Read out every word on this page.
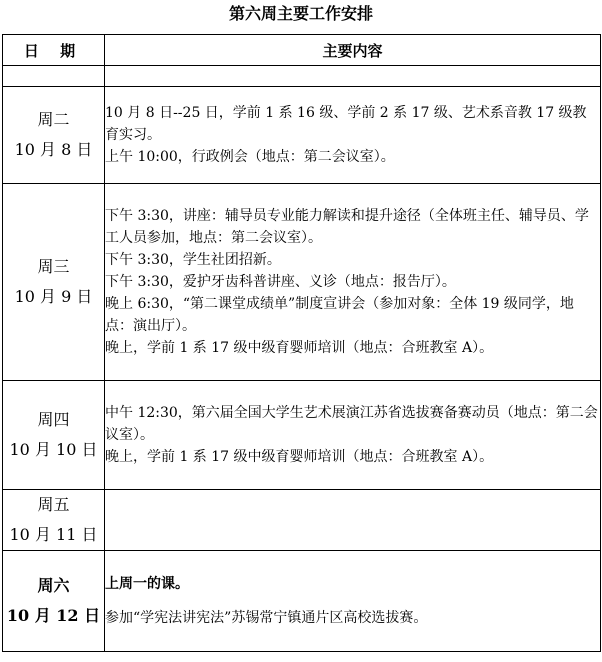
第六周主要工作安排
日 期	主要内容

周二
10 月 8 日	10 月 8 日--25 日，学前 1 系 16 级、学前 2 系 17 级、艺术系音教 17 级教育实习。
上午 10:00，行政例会（地点：第二会议室）。

周三
10 月 9 日	下午 3:30，讲座：辅导员专业能力解读和提升途径（全体班主任、辅导员、学工人员参加，地点：第二会议室）。
下午 3:30，学生社团招新。
下午 3:30，爱护牙齿科普讲座、义诊（地点：报告厅）。
晚上 6:30，“第二课堂成绩单”制度宣讲会（参加对象：全体 19 级同学，地点：演出厅）。
晚上，学前 1 系 17 级中级育婴师培训（地点：合班教室 A）。

周四
10 月 10 日	中午 12:30，第六届全国大学生艺术展演江苏省选拔赛备赛动员（地点：第二会议室）。
晚上，学前 1 系 17 级中级育婴师培训（地点：合班教室 A）。

周五
10 月 11 日	

周六
10 月 12 日	上周一的课。
参加“学宪法讲宪法”苏锡常宁镇通片区高校选拔赛。
